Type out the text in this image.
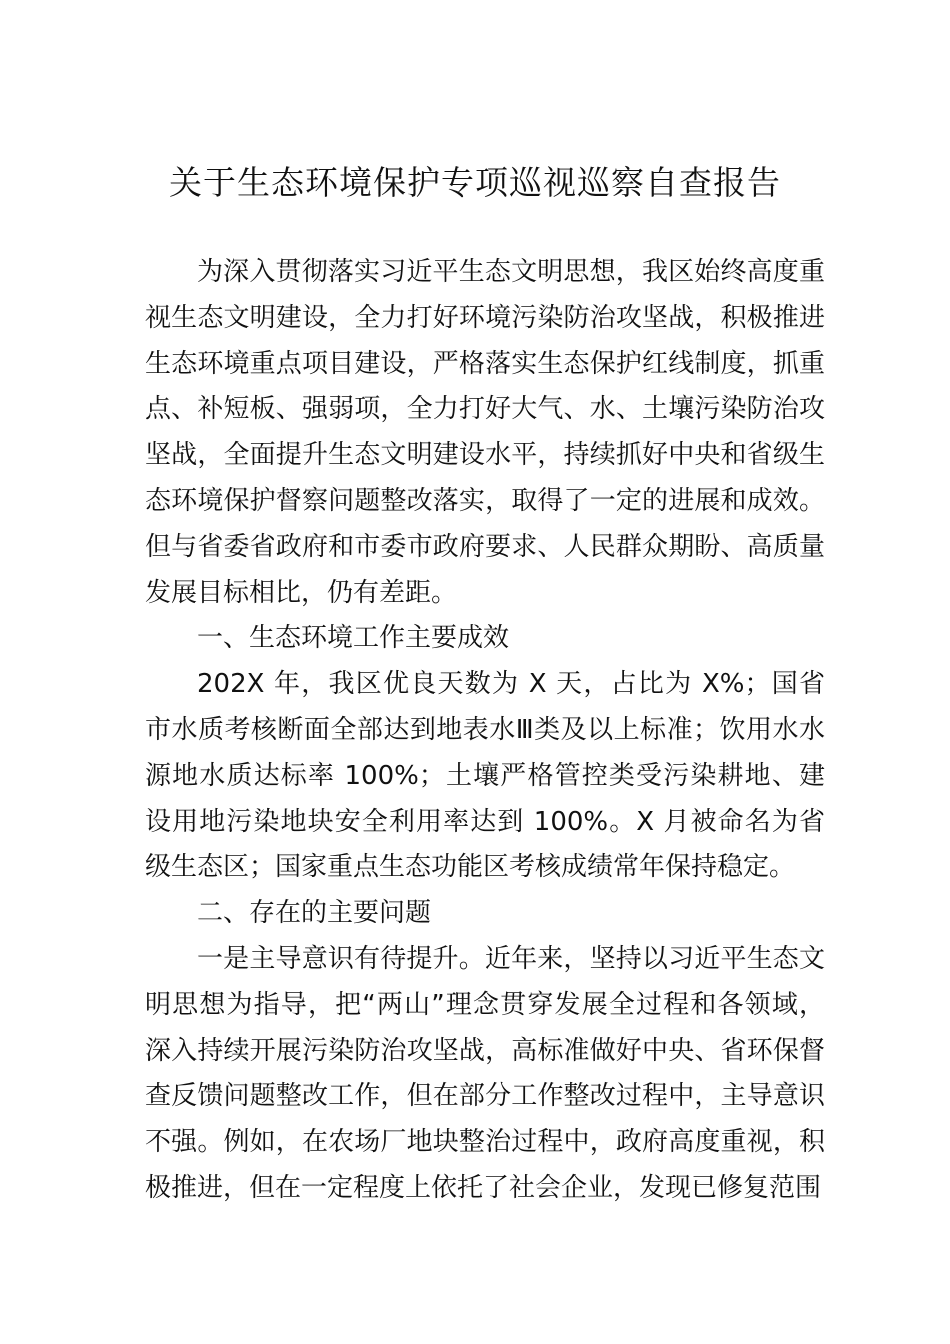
关于生态环境保护专项巡视巡察自查报告

为深入贯彻落实习近平生态文明思想，我区始终高度重视生态文明建设，全力打好环境污染防治攻坚战，积极推进生态环境重点项目建设，严格落实生态保护红线制度，抓重点、补短板、强弱项，全力打好大气、水、土壤污染防治攻坚战，全面提升生态文明建设水平，持续抓好中央和省级生态环境保护督察问题整改落实，取得了一定的进展和成效。 但与省委省政府和市委市政府要求、人民群众期盼、高质量发展目标相比，仍有差距。

一、生态环境工作主要成效

202X 年，我区优良天数为 X 天，占比为 X%；国省市水质考核断面全部达到地表水Ⅲ类及以上标准；饮用水水源地水质达标率 100%；土壤严格管控类受污染耕地、建设用地污染地块安全利用率达到 100%。X 月被命名为省级生态区；国家重点生态功能区考核成绩常年保持稳定。

二、存在的主要问题

一是主导意识有待提升。近年来，坚持以习近平生态文明思想为指导，把“两山”理念贯穿发展全过程和各领域， 深入持续开展污染防治攻坚战，高标准做好中央、省环保督查反馈问题整改工作，但在部分工作整改过程中，主导意识不强。例如，在农场厂地块整治过程中，政府高度重视，积极推进，但在一定程度上依托了社会企业，发现已修复范围
